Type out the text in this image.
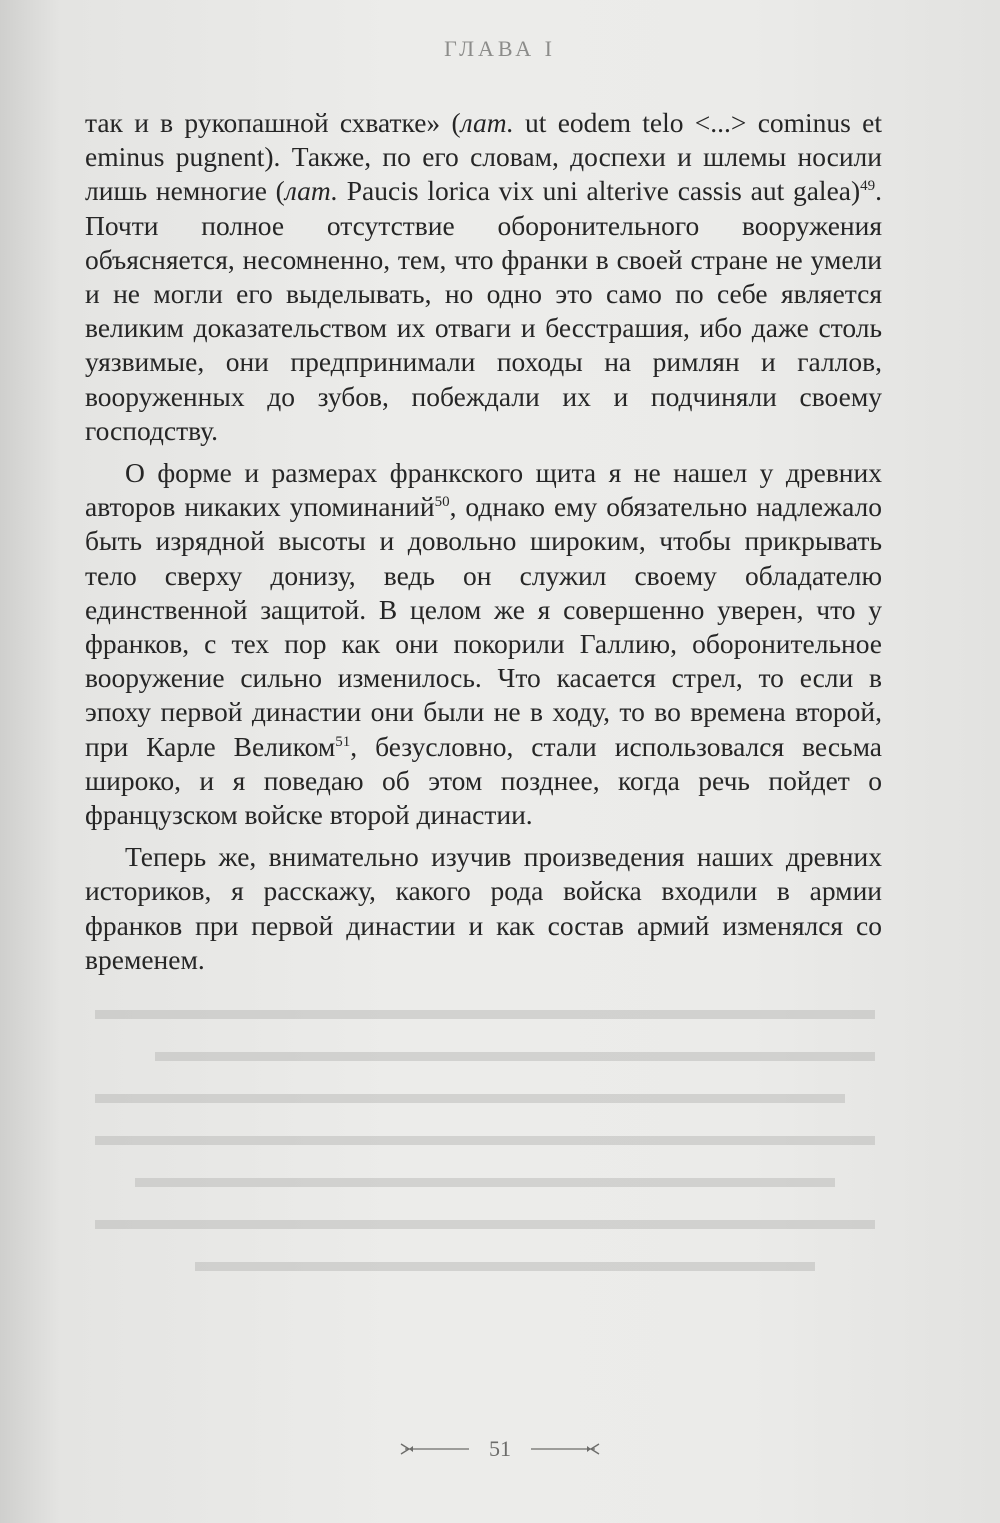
ГЛАВА I

так и в рукопашной схватке» (лат. ut eodem telo <...> cominus et eminus pugnent). Также, по его словам, доспехи и шлемы носили лишь немногие (лат. Paucis lorica vix uni alterive cassis aut galea)$^{49}$. Почти полное отсутствие оборонительного вооружения объясняется, несомненно, тем, что франки в своей стране не умели и не могли его выделывать, но одно это само по себе является великим доказательством их отваги и бесстрашия, ибо даже столь уязвимые, они предпринимали походы на римлян и галлов, вооруженных до зубов, побеждали их и подчиняли своему господству.

О форме и размерах франкского щита я не нашел у древних авторов никаких упоминаний$^{50}$, однако ему обязательно надлежало быть изрядной высоты и довольно широким, чтобы прикрывать тело сверху донизу, ведь он служил своему обладателю единственной защитой. В целом же я совершенно уверен, что у франков, с тех пор как они покорили Галлию, оборонительное вооружение сильно изменилось. Что касается стрел, то если в эпоху первой династии они были не в ходу, то во времена второй, при Карле Великом$^{51}$, безусловно, стали использовался весьма широко, и я поведаю об этом позднее, когда речь пойдет о французском войске второй династии.

Теперь же, внимательно изучив произведения наших древних историков, я расскажу, какого рода войска входили в армии франков при первой династии и как состав армий изменялся со временем.

51
